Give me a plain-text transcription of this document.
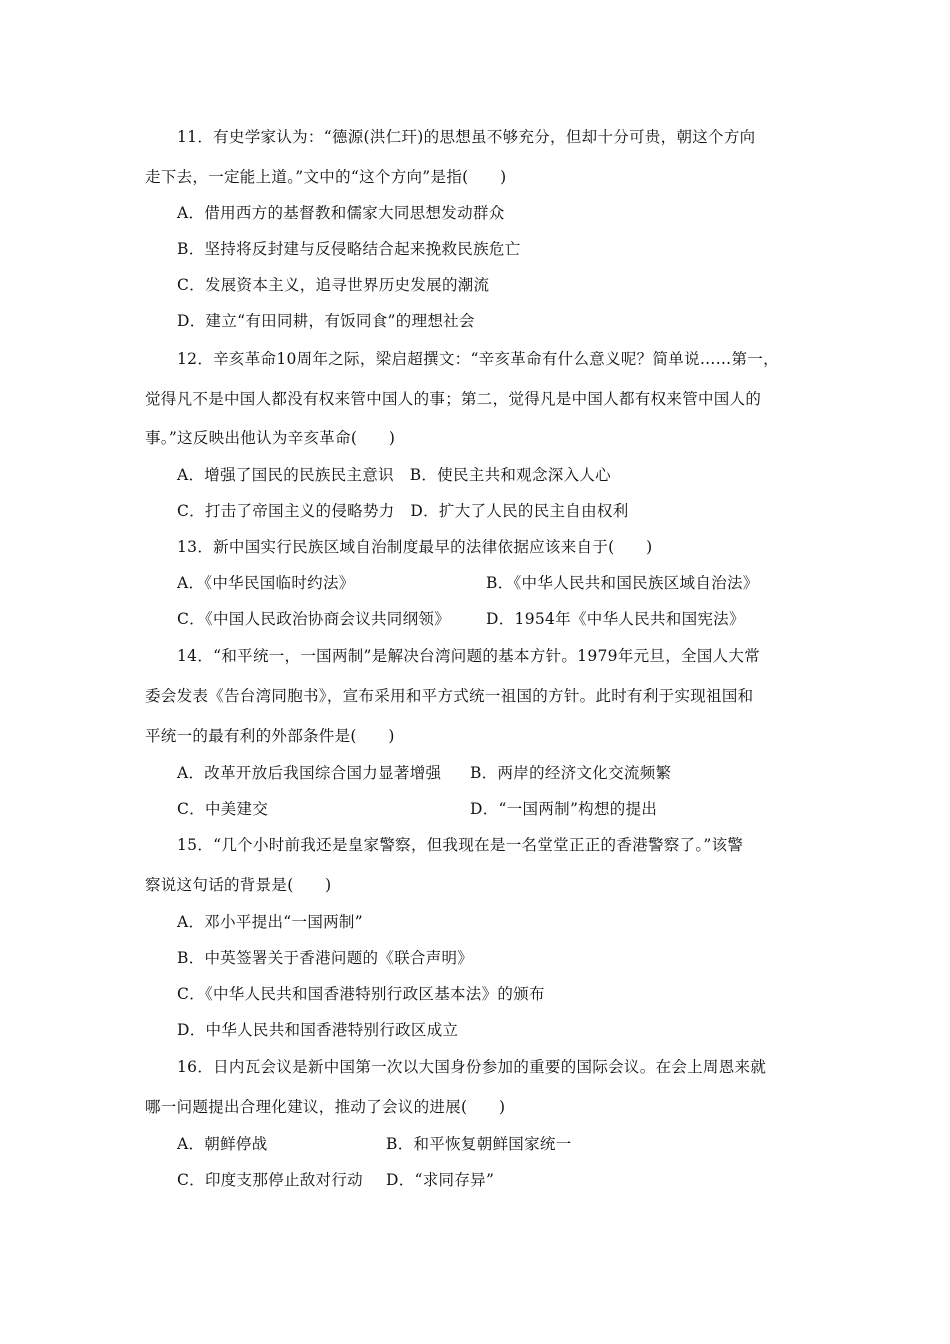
11．有史学家认为：“德源(洪仁玕)的思想虽不够充分，但却十分可贵，朝这个方向
走下去，一定能上道。”文中的“这个方向”是指(　　)
A．借用西方的基督教和儒家大同思想发动群众
B．坚持将反封建与反侵略结合起来挽救民族危亡
C．发展资本主义，追寻世界历史发展的潮流
D．建立“有田同耕，有饭同食”的理想社会
12．辛亥革命10周年之际，梁启超撰文：“辛亥革命有什么意义呢？简单说……第一，
觉得凡不是中国人都没有权来管中国人的事；第二，觉得凡是中国人都有权来管中国人的
事。”这反映出他认为辛亥革命(　　)
A．增强了国民的民族民主意识　B．使民主共和观念深入人心
C．打击了帝国主义的侵略势力　D．扩大了人民的民主自由权利
13．新中国实行民族区域自治制度最早的法律依据应该来自于(　　)
A．《中华民国临时约法》	B．《中华人民共和国民族区域自治法》
C．《中国人民政治协商会议共同纲领》 D．1954年《中华人民共和国宪法》
14．“和平统一，一国两制”是解决台湾问题的基本方针。1979年元旦，全国人大常
委会发表《告台湾同胞书》，宣布采用和平方式统一祖国的方针。此时有利于实现祖国和
平统一的最有利的外部条件是(　　)
A．改革开放后我国综合国力显著增强 B．两岸的经济文化交流频繁
C．中美建交	D．“一国两制”构想的提出
15．“几个小时前我还是皇家警察，但我现在是一名堂堂正正的香港警察了。”该警
察说这句话的背景是(　　)
A．邓小平提出“一国两制”
B．中英签署关于香港问题的《联合声明》
C．《中华人民共和国香港特别行政区基本法》的颁布
D．中华人民共和国香港特别行政区成立
16．日内瓦会议是新中国第一次以大国身份参加的重要的国际会议。在会上周恩来就
哪一问题提出合理化建议，推动了会议的进展(　　)
A．朝鲜停战	B．和平恢复朝鲜国家统一
C．印度支那停止敌对行动 D．“求同存异”
